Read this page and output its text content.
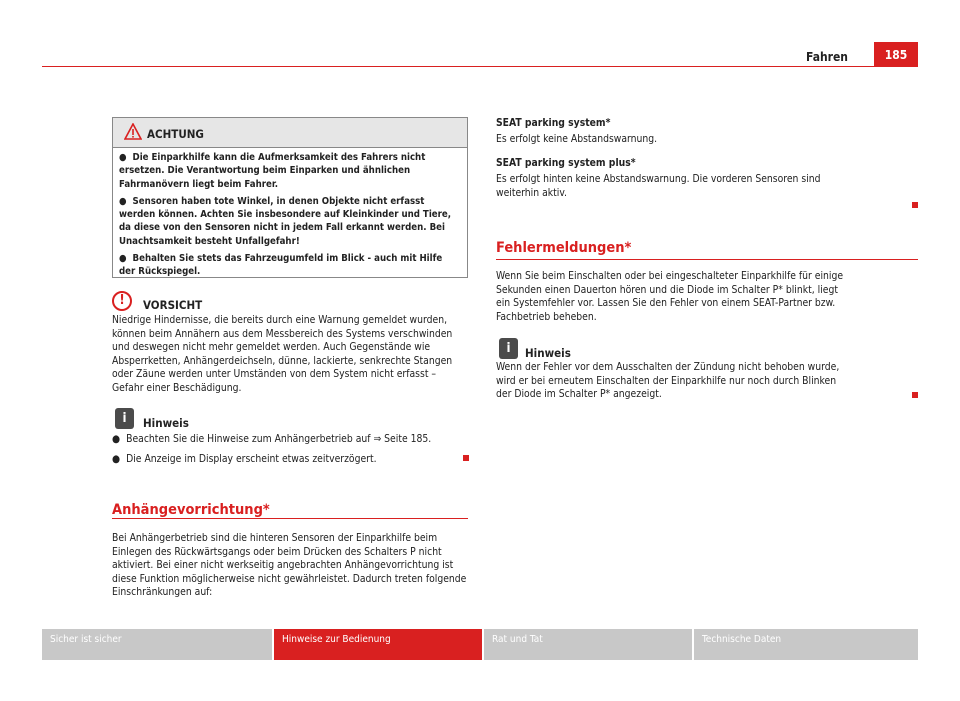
Fahren	185
ACHTUNG

● Die Einparkhilfe kann die Aufmerksamkeit des Fahrers nicht ersetzen. Die Verantwortung beim Einparken und ähnlichen Fahrmanövern liegt beim Fahrer.

● Sensoren haben tote Winkel, in denen Objekte nicht erfasst werden können. Achten Sie insbesondere auf Kleinkinder und Tiere, da diese von den Sensoren nicht in jedem Fall erkannt werden. Bei Unachtsamkeit besteht Unfallgefahr!

● Behalten Sie stets das Fahrzeugumfeld im Blick - auch mit Hilfe der Rückspiegel.

!	VORSICHT
Niedrige Hindernisse, die bereits durch eine Warnung gemeldet wurden, können beim Annähern aus dem Messbereich des Systems verschwinden und deswegen nicht mehr gemeldet werden. Auch Gegenstände wie Absperrketten, Anhängerdeichseln, dünne, lackierte, senkrechte Stangen oder Zäune werden unter Umständen von dem System nicht erfasst – Gefahr einer Beschädigung.
i	Hinweis

● Beachten Sie die Hinweise zum Anhängerbetrieb auf ⇒ Seite 185.

● Die Anzeige im Display erscheint etwas zeitverzögert.

Anhängevorrichtung*
Bei Anhängerbetrieb sind die hinteren Sensoren der Einparkhilfe beim Einlegen des Rückwärtsgangs oder beim Drücken des Schalters P nicht aktiviert. Bei einer nicht werkseitig angebrachten Anhängevorrichtung ist diese Funktion möglicherweise nicht gewährleistet. Dadurch treten folgende Einschränkungen auf:
SEAT parking system*
Es erfolgt keine Abstandswarnung.
SEAT parking system plus*
Es erfolgt hinten keine Abstandswarnung. Die vorderen Sensoren sind weiterhin aktiv.
Fehlermeldungen*
Wenn Sie beim Einschalten oder bei eingeschalteter Einparkhilfe für einige Sekunden einen Dauerton hören und die Diode im Schalter P* blinkt, liegt ein Systemfehler vor. Lassen Sie den Fehler von einem SEAT-Partner bzw. Fachbetrieb beheben.
i	Hinweis
Wenn der Fehler vor dem Ausschalten der Zündung nicht behoben wurde, wird er bei erneutem Einschalten der Einparkhilfe nur noch durch Blinken der Diode im Schalter P* angezeigt.
Sicher ist sicher	Hinweise zur Bedienung	Rat und Tat	Technische Daten
